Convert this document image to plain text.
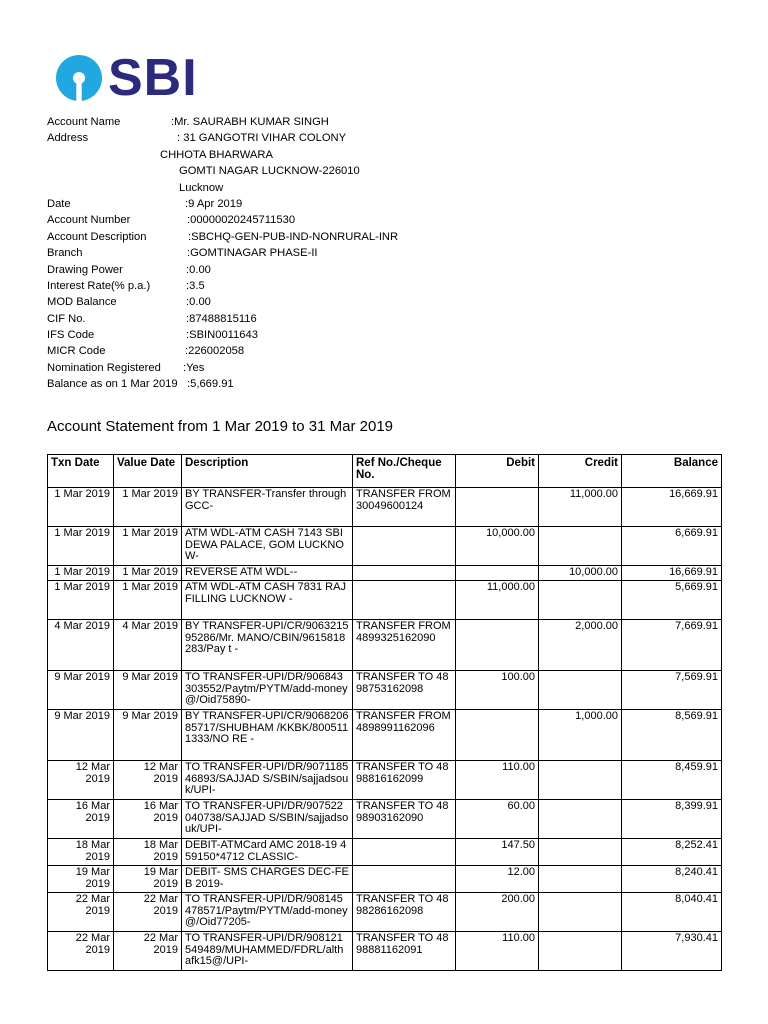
SBI
Account Name	:Mr. SAURABH KUMAR SINGH
Address	: 31 GANGOTRI VIHAR COLONY
CHHOTA BHARWARA
GOMTI NAGAR LUCKNOW-226010
Lucknow
Date	:9 Apr 2019
Account Number	:00000020245711530
Account Description	:SBCHQ-GEN-PUB-IND-NONRURAL-INR
Branch	:GOMTINAGAR PHASE-II
Drawing Power	:0.00
Interest Rate(% p.a.)	:3.5
MOD Balance	:0.00
CIF No.	:87488815116
IFS Code	:SBIN0011643
MICR Code	:226002058
Nomination Registered :Yes
Balance as on 1 Mar 2019 :5,669.91
Account Statement from 1 Mar 2019 to 31 Mar 2019
Txn Date	Value Date	Description	Ref No./Cheque No.	Debit	Credit	Balance

1 Mar 2019	1 Mar 2019	BY TRANSFER-Transfer through GCC-	TRANSFER FROM 30049600124		11,000.00	16,669.91

1 Mar 2019	1 Mar 2019	ATM WDL-ATM CASH 7143 SBI DEWA PALACE, GOM LUCKNOW-		10,000.00		6,669.91

1 Mar 2019	1 Mar 2019	REVERSE ATM WDL--			10,000.00	16,669.91

1 Mar 2019	1 Mar 2019	ATM WDL-ATM CASH 7831 RAJ FILLING LUCKNOW -		11,000.00		5,669.91

4 Mar 2019	4 Mar 2019	BY TRANSFER-UPI/CR/906321595286/Mr. MANO/CBIN/9615818283/Pay t -	TRANSFER FROM 4899325162090		2,000.00	7,669.91

9 Mar 2019	9 Mar 2019	TO TRANSFER-UPI/DR/906843303552/Paytm/PYTM/add-money@/Oid75890-	TRANSFER TO 4898753162098	100.00		7,569.91

9 Mar 2019	9 Mar 2019	BY TRANSFER-UPI/CR/906820685717/SHUBHAM /KKBK/8005111333/NO RE -	TRANSFER FROM 4898991162096		1,000.00	8,569.91

12 Mar 2019	12 Mar 2019	TO TRANSFER-UPI/DR/907118546893/SAJJAD S/SBIN/sajjadsouk/UPI-	TRANSFER TO 4898816162099	110.00		8,459.91

16 Mar 2019	16 Mar 2019	TO TRANSFER-UPI/DR/907522040738/SAJJAD S/SBIN/sajjadsouk/UPI-	TRANSFER TO 4898903162090	60.00		8,399.91

18 Mar 2019	18 Mar 2019	DEBIT-ATMCard AMC 2018-19 459150*4712 CLASSIC-		147.50		8,252.41

19 Mar 2019	19 Mar 2019	DEBIT- SMS CHARGES DEC-FEB 2019-		12.00		8,240.41

22 Mar 2019	22 Mar 2019	TO TRANSFER-UPI/DR/908145478571/Paytm/PYTM/add-money@/Oid77205-	TRANSFER TO 4898286162098	200.00		8,040.41

22 Mar 2019	22 Mar 2019	TO TRANSFER-UPI/DR/908121549489/MUHAMMED/FDRL/althafk15@/UPI-	TRANSFER TO 4898881162091	110.00		7,930.41
